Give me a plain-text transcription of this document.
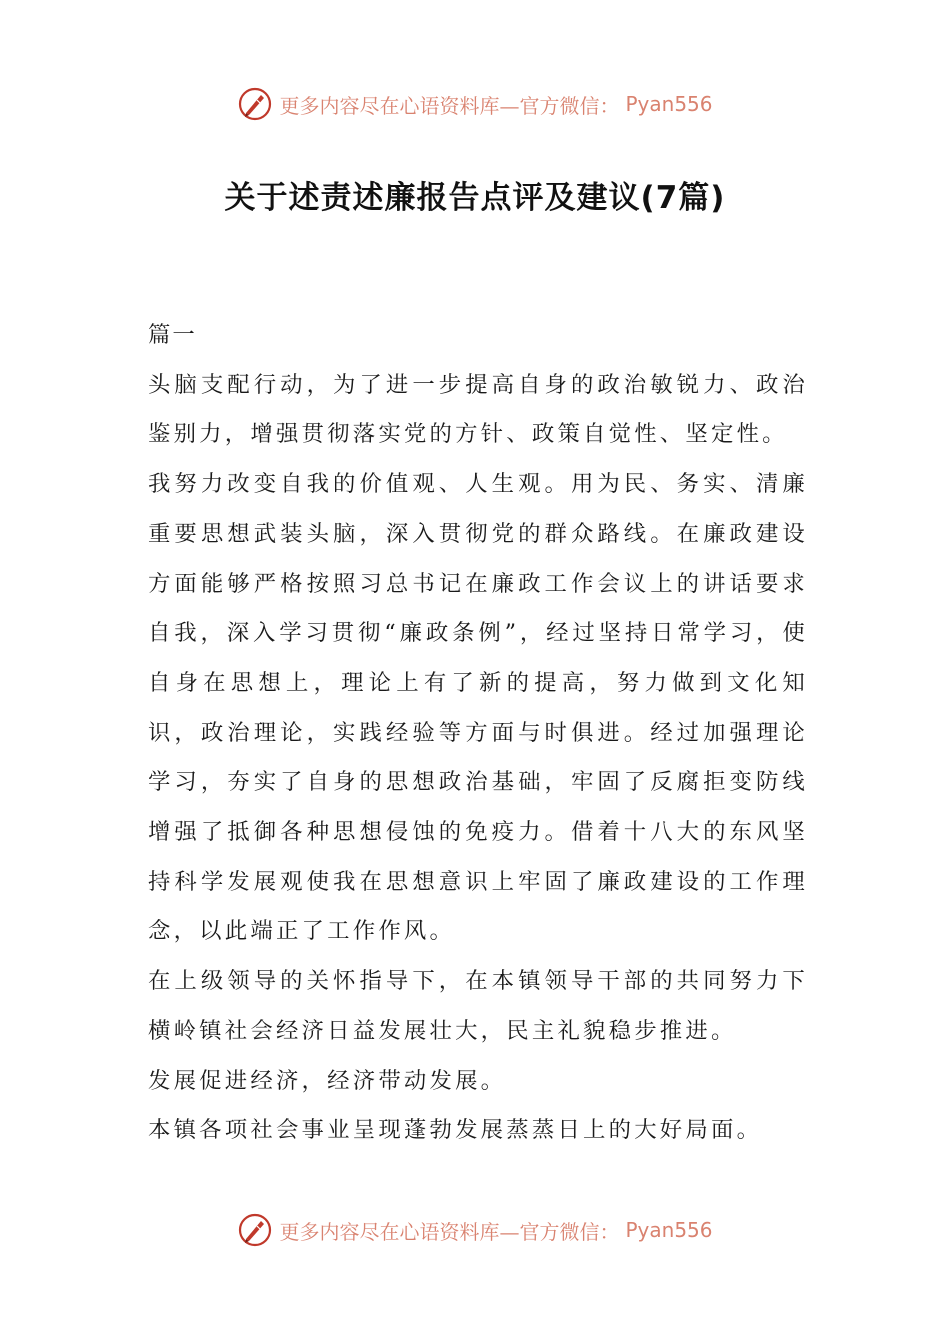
更多内容尽在心语资料库—官方微信： Pyan556
关于述责述廉报告点评及建议(7篇)

篇一

头脑支配行动，为了进一步提高自身的政治敏锐力、政治鉴别力，增强贯彻落实党的方针、政策自觉性、坚定性。

我努力改变自我的价值观、人生观。用为民、务实、清廉重要思想武装头脑，深入贯彻党的群众路线。在廉政建设方面能够严格按照习总书记在廉政工作会议上的讲话要求自我，深入学习贯彻“廉政条例”，经过坚持日常学习，使自身在思想上，理论上有了新的提高，努力做到文化知识，政治理论，实践经验等方面与时俱进。经过加强理论学习，夯实了自身的思想政治基础，牢固了反腐拒变防线增强了抵御各种思想侵蚀的免疫力。借着十八大的东风坚持科学发展观使我在思想意识上牢固了廉政建设的工作理念，以此端正了工作作风。

在上级领导的关怀指导下，在本镇领导干部的共同努力下横岭镇社会经济日益发展壮大，民主礼貌稳步推进。

发展促进经济，经济带动发展。

本镇各项社会事业呈现蓬勃发展蒸蒸日上的大好局面。

更多内容尽在心语资料库—官方微信： Pyan556
